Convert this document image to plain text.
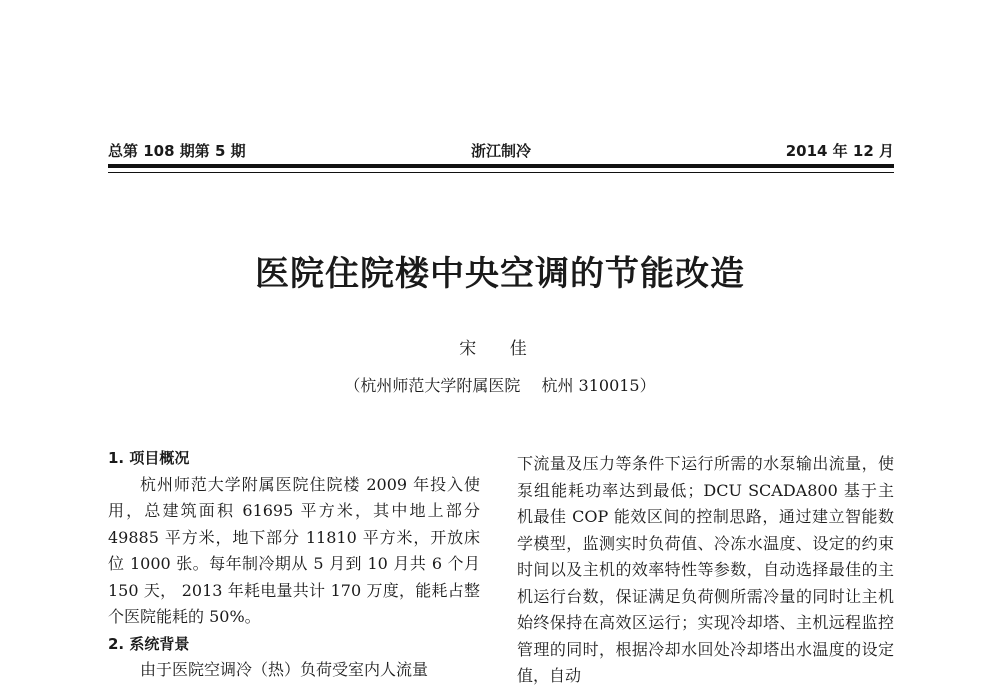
总第 108 期第 5 期	浙江制冷	2014 年 12 月
医院住院楼中央空调的节能改造
宋 佳
（杭州师范大学附属医院　 杭州 310015）

1. 项目概况

杭州师范大学附属医院住院楼 2009 年投入使用，总建筑面积 61695 平方米，其中地上部分 49885 平方米，地下部分 11810 平方米，开放床位 1000 张。每年制冷期从 5 月到 10 月共 6 个月 150 天， 2013 年耗电量共计 170 万度，能耗占整个医院能耗的 50%。

2. 系统背景

由于医院空调冷（热）负荷受室内人流量

下流量及压力等条件下运行所需的水泵输出流量，使泵组能耗功率达到最低；DCU SCADA800 基于主机最佳 COP 能效区间的控制思路，通过建立智能数学模型，监测实时负荷值、冷冻水温度、设定的约束时间以及主机的效率特性等参数，自动选择最佳的主机运行台数，保证满足负荷侧所需冷量的同时让主机始终保持在高效区运行；实现冷却塔、主机远程监控管理的同时，根据冷却水回处冷却塔出水温度的设定值，自动
